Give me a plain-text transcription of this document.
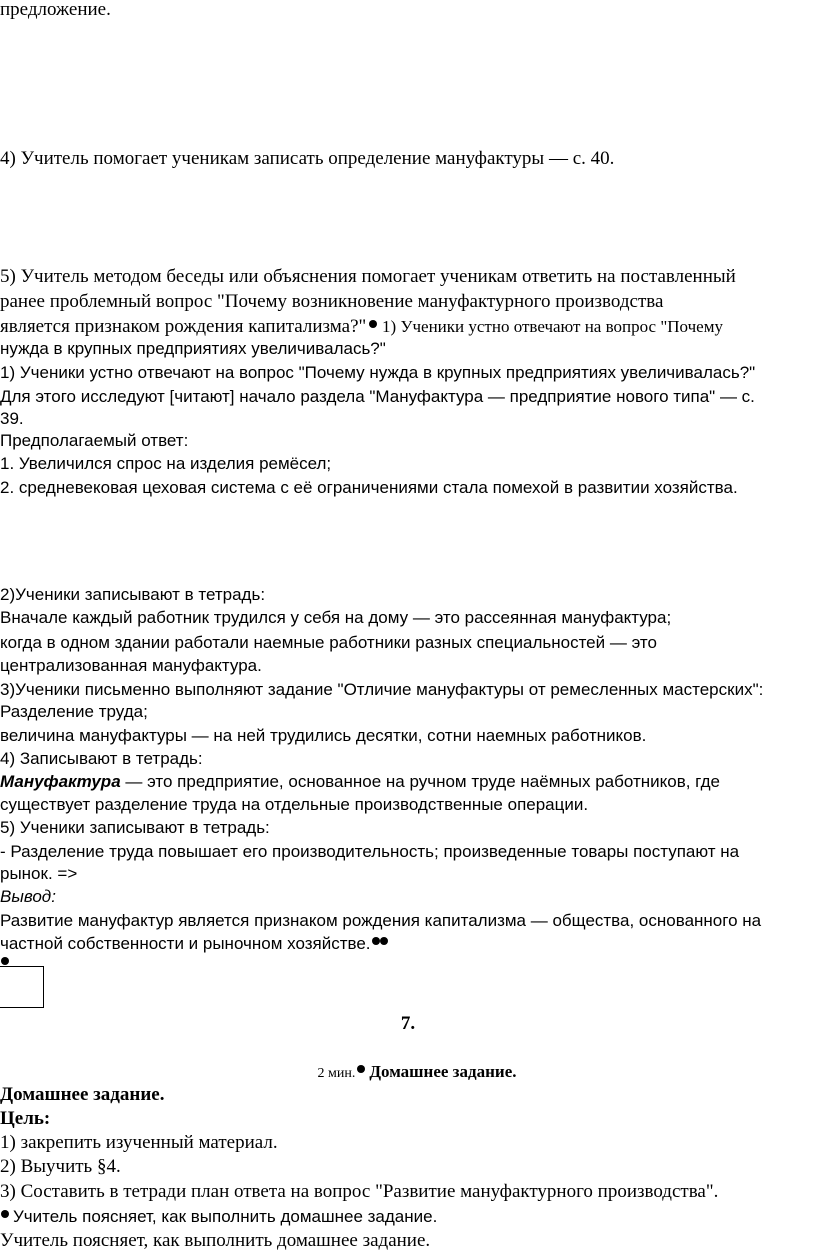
предложение.
4) Учитель помогает ученикам записать определение мануфактуры — с. 40.
5) Учитель методом беседы или объяснения помогает ученикам ответить на поставленный
ранее проблемный вопрос "Почему возникновение мануфактурного производства
является признаком рождения капитализма?" 1) Ученики устно отвечают на вопрос "Почему
нужда в крупных предприятиях увеличивалась?"
1) Ученики устно отвечают на вопрос "Почему нужда в крупных предприятиях увеличивалась?"
Для этого исследуют [читают] начало раздела "Мануфактура — предприятие нового типа" — с.
39.
Предполагаемый ответ:
1. Увеличился спрос на изделия ремёсел;
2. средневековая цеховая система с её ограничениями стала помехой в развитии хозяйства.
2)Ученики записывают в тетрадь:
Вначале каждый работник трудился у себя на дому — это рассеянная мануфактура;
когда в одном здании работали наемные работники разных специальностей — это
централизованная мануфактура.
3)Ученики письменно выполняют задание "Отличие мануфактуры от ремесленных мастерских":
Разделение труда;
величина мануфактуры — на ней трудились десятки, сотни наемных работников.
4) Записывают в тетрадь:
Мануфактура — это предприятие, основанное на ручном труде наёмных работников, где
существует разделение труда на отдельные производственные операции.
5) Ученики записывают в тетрадь:
- Разделение труда повышает его производительность; произведенные товары поступают на
рынок. =>
Вывод:
Развитие мануфактур является признаком рождения капитализма — общества, основанного на
частной собственности и рыночном хозяйстве.
7.
2 мин. Домашнее задание.
Домашнее задание.
Цель:
1) закрепить изученный материал.
2) Выучить §4.
3) Составить в тетради план ответа на вопрос "Развитие мануфактурного производства".
Учитель поясняет, как выполнить домашнее задание.
Учитель поясняет, как выполнить домашнее задание.
